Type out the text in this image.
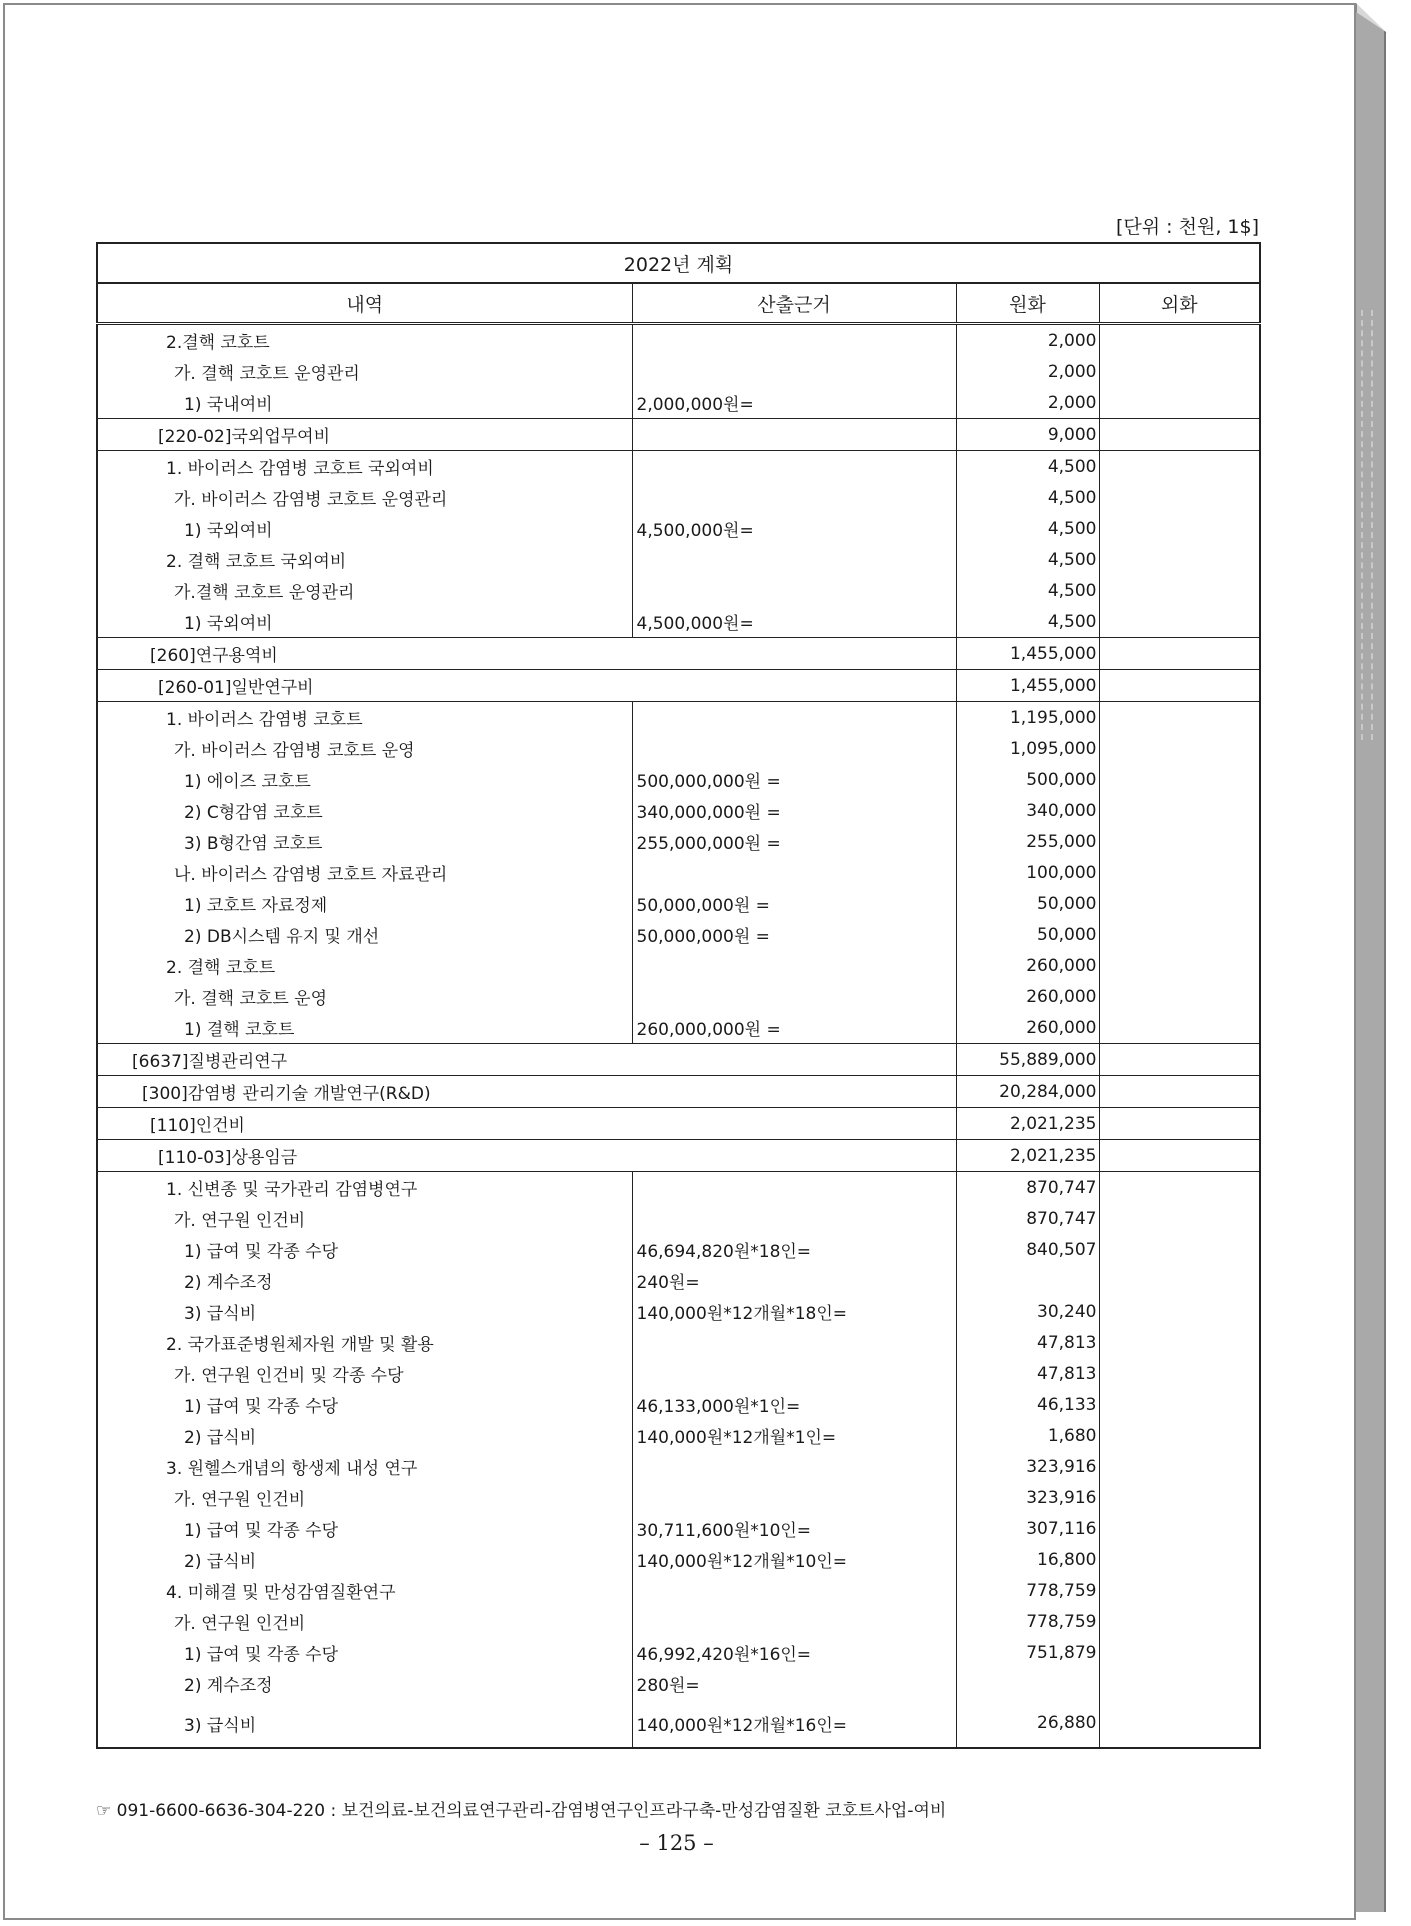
[단위 : 천원, 1$]
2022년 계획			
내역	산출근거	원화	외화
2.결핵 코호트		2,000	
가. 결핵 코호트 운영관리		2,000	
1) 국내여비	2,000,000원=	2,000	
[220-02]국외업무여비		9,000	
1. 바이러스 감염병 코호트 국외여비		4,500	
가. 바이러스 감염병 코호트 운영관리		4,500	
1) 국외여비	4,500,000원=	4,500	
2. 결핵 코호트 국외여비		4,500	
가.결핵 코호트 운영관리		4,500	
1) 국외여비	4,500,000원=	4,500	
[260]연구용역비		1,455,000	
[260-01]일반연구비		1,455,000	
1. 바이러스 감염병 코호트		1,195,000	
가. 바이러스 감염병 코호트 운영		1,095,000	
1) 에이즈 코호트	500,000,000원 =	500,000	
2) C형감염 코호트	340,000,000원 =	340,000	
3) B형간염 코호트	255,000,000원 =	255,000	
나. 바이러스 감염병 코호트 자료관리		100,000	
1) 코호트 자료정제	50,000,000원 =	50,000	
2) DB시스템 유지 및 개선	50,000,000원 =	50,000	
2. 결핵 코호트		260,000	
가. 결핵 코호트 운영		260,000	
1) 결핵 코호트	260,000,000원 =	260,000	
[6637]질병관리연구		55,889,000	
[300]감염병 관리기술 개발연구(R&D)		20,284,000	
[110]인건비		2,021,235	
[110-03]상용임금		2,021,235	
1. 신변종 및 국가관리 감염병연구		870,747	
가. 연구원 인건비		870,747	
1) 급여 및 각종 수당	46,694,820원*18인=	840,507	
2) 계수조정	240원=		
3) 급식비	140,000원*12개월*18인=	30,240	
2. 국가표준병원체자원 개발 및 활용		47,813	
가. 연구원 인건비 및 각종 수당		47,813	
1) 급여 및 각종 수당	46,133,000원*1인=	46,133	
2) 급식비	140,000원*12개월*1인=	1,680	
3. 원헬스개념의 항생제 내성 연구		323,916	
가. 연구원 인건비		323,916	
1) 급여 및 각종 수당	30,711,600원*10인=	307,116	
2) 급식비	140,000원*12개월*10인=	16,800	
4. 미해결 및 만성감염질환연구		778,759	
가. 연구원 인건비		778,759	
1) 급여 및 각종 수당	46,992,420원*16인=	751,879	
2) 계수조정	280원=		
3) 급식비	140,000원*12개월*16인=	26,880	
☞ 091-6600-6636-304-220 : 보건의료-보건의료연구관리-감염병연구인프라구축-만성감염질환 코호트사업-여비
– 125 –
